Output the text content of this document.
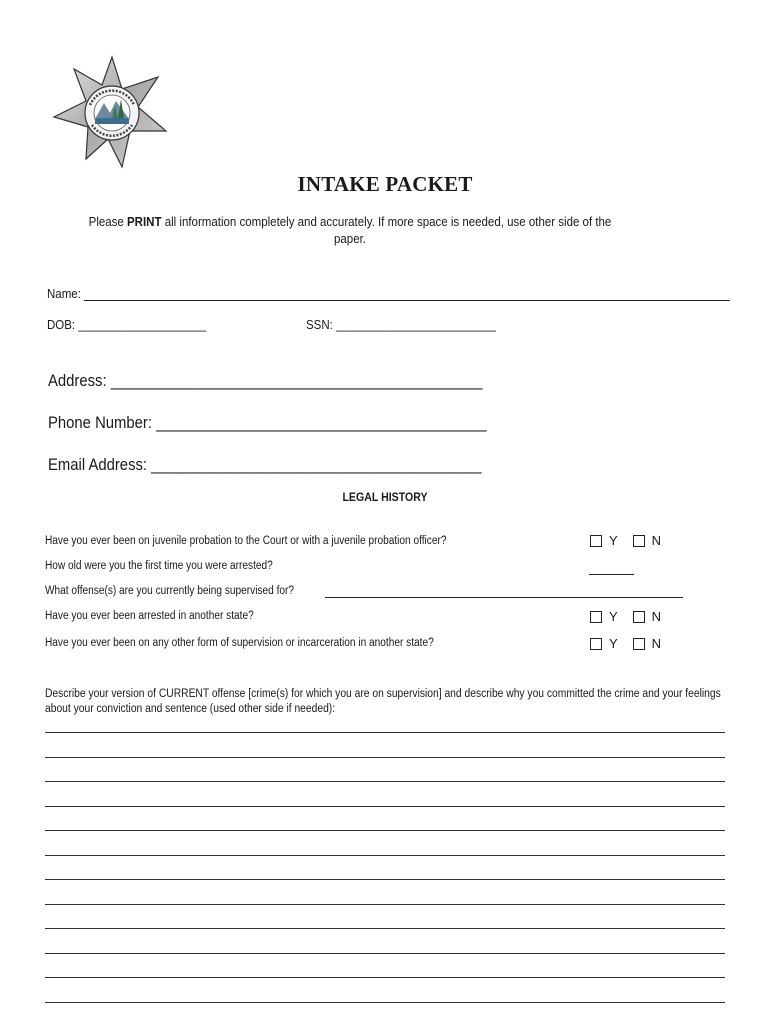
INTAKE PACKET
Please PRINT all information completely and accurately. If more space is needed, use other side of the paper.
Name:
DOB: ____________________	SSN: _________________________
Address: _____________________________________________
Phone Number: ________________________________________
Email Address: ________________________________________
LEGAL HISTORY
Have you ever been on juvenile probation to the Court or with a juvenile probation officer?	Y	N
How old were you the first time you were arrested?
What offense(s) are you currently being supervised for?
Have you ever been arrested in another state?	Y	N
Have you ever been on any other form of supervision or incarceration in another state?	Y	N
Describe your version of CURRENT offense [crime(s) for which you are on supervision] and describe why you committed the crime and your feelings about your conviction and sentence (used other side if needed):
